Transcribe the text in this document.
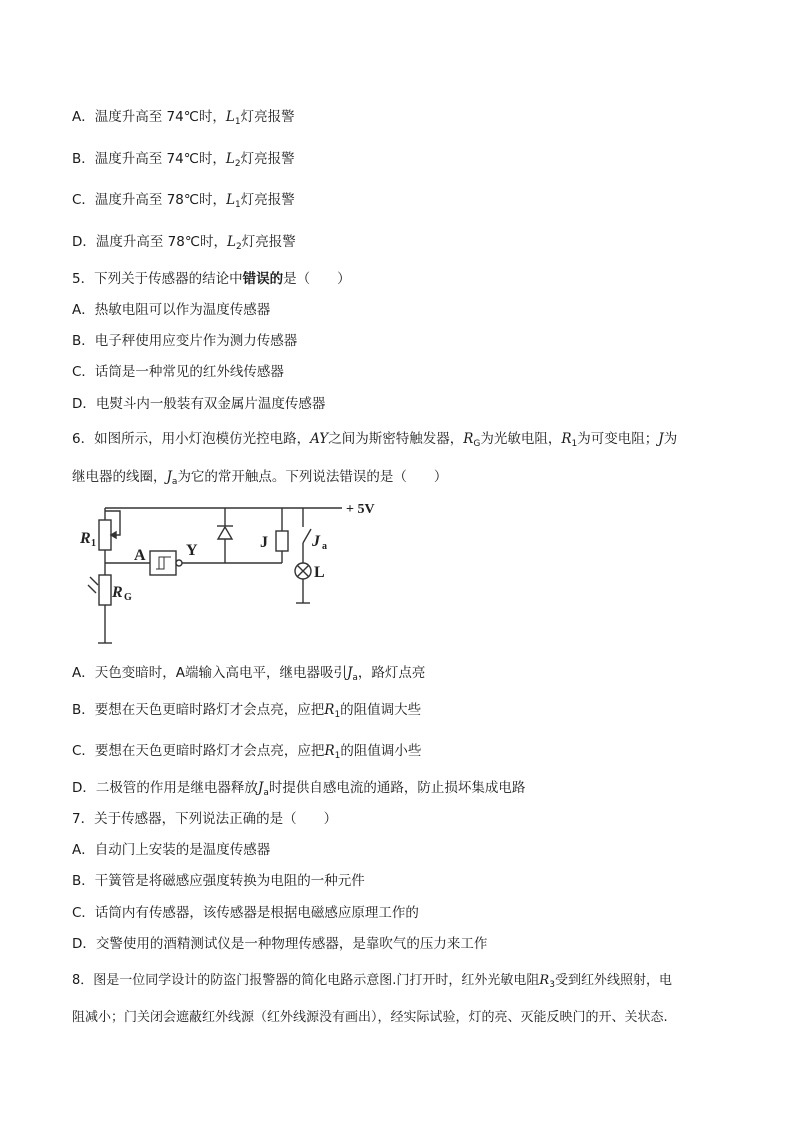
A．温度升高至 74℃时，$L_1$灯亮报警
B．温度升高至 74℃时，$L_2$灯亮报警
C．温度升高至 78℃时，$L_1$灯亮报警
D．温度升高至 78℃时，$L_2$灯亮报警
5．下列关于传感器的结论中错误的是（　　）
A．热敏电阻可以作为温度传感器
B．电子秤使用应变片作为测力传感器
C．话筒是一种常见的红外线传感器
D．电熨斗内一般装有双金属片温度传感器
6．如图所示，用小灯泡模仿光控电路，AY之间为斯密特触发器，$R_G$为光敏电阻，$R_1$为可变电阻；J为
继电器的线圈，$J_a$为它的常开触点。下列说法错误的是（　　）
+ 5V
R 1
R G
A	Y	J	J a
L
A．天色变暗时，A端输入高电平，继电器吸引$J_a$，路灯点亮
B．要想在天色更暗时路灯才会点亮，应把$R_1$的阻值调大些
C．要想在天色更暗时路灯才会点亮，应把$R_1$的阻值调小些
D．二极管的作用是继电器释放$J_a$时提供自感电流的通路，防止损坏集成电路
7．关于传感器，下列说法正确的是（　　）
A．自动门上安装的是温度传感器
B．干簧管是将磁感应强度转换为电阻的一种元件
C．话筒内有传感器，该传感器是根据电磁感应原理工作的
D．交警使用的酒精测试仪是一种物理传感器，是靠吹气的压力来工作
8．图是一位同学设计的防盗门报警器的简化电路示意图.门打开时，红外光敏电阻$R_3$受到红外线照射，电
阻减小；门关闭会遮蔽红外线源（红外线源没有画出），经实际试验，灯的亮、灭能反映门的开、关状态.
